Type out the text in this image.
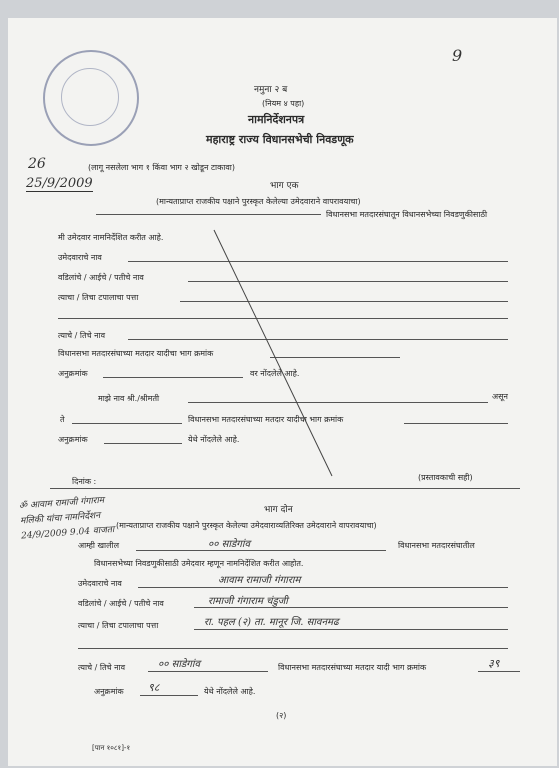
9
नमुना २ ब
(नियम ४ पहा)
नामनिर्देशनपत्र
महाराष्ट्र राज्य विधानसभेची निवडणूक
26
25/9/2009
(लागू नसलेला भाग १ किंवा भाग २ खोडून टाकावा)
भाग एक
(मान्यताप्राप्त राजकीय पक्षाने पुरस्कृत केलेल्या उमेदवाराने वापरावयाचा)
विधानसभा मतदारसंघातून विधानसभेच्या निवडणुकीसाठी
मी उमेदवार नामनिर्देशित करीत आहे.
उमेदवाराचे नाव
वडिलांचे / आईचे / पतीचे नाव
त्याचा / तिचा टपालाचा पत्ता
त्याचे / तिचे नाव
विधानसभा मतदारसंघाच्या मतदार यादीचा भाग क्रमांक
अनुक्रमांक	वर नोंदलेले आहे.
माझे नाव श्री./श्रीमती	असून
ते	विधानसभा मतदारसंघाच्या मतदार यादीचा भाग क्रमांक
अनुक्रमांक	येथे नोंदलेले आहे.
दिनांक :	(प्रस्तावकाची सही)
भाग दोन
(मान्यताप्राप्त राजकीय पक्षाने पुरस्कृत केलेल्या उमेदवाराव्यतिरिक्त उमेदवाराने वापरावयाचा)
आम्ही खालील	०० साडेगांव	विधानसभा मतदारसंघातील
विधानसभेच्या निवडणुकीसाठी उमेदवार म्हणून नामनिर्देशित करीत आहोत.
उमेदवाराचे नाव	आवाम रामाजी गंगाराम
वडिलांचे / आईचे / पतीचे नाव	रामाजी गंगाराम चंडुजी
त्याचा / तिचा टपालाचा पत्ता	रा. पहल (२) ता. मानूर जि. सावनमढ
त्याचे / तिचे नाव	०० साडेगांव	विधानसभा मतदारसंघाच्या मतदार यादी भाग क्रमांक	३९
अनुक्रमांक ९८	येथे नोंदलेले आहे.
ॐ आवाम रामाजी गंगाराम मलिकी यांचा नामनिर्देशन 24/9/2009 9.04 वाजता
(२)
[पान १०८१]-१
